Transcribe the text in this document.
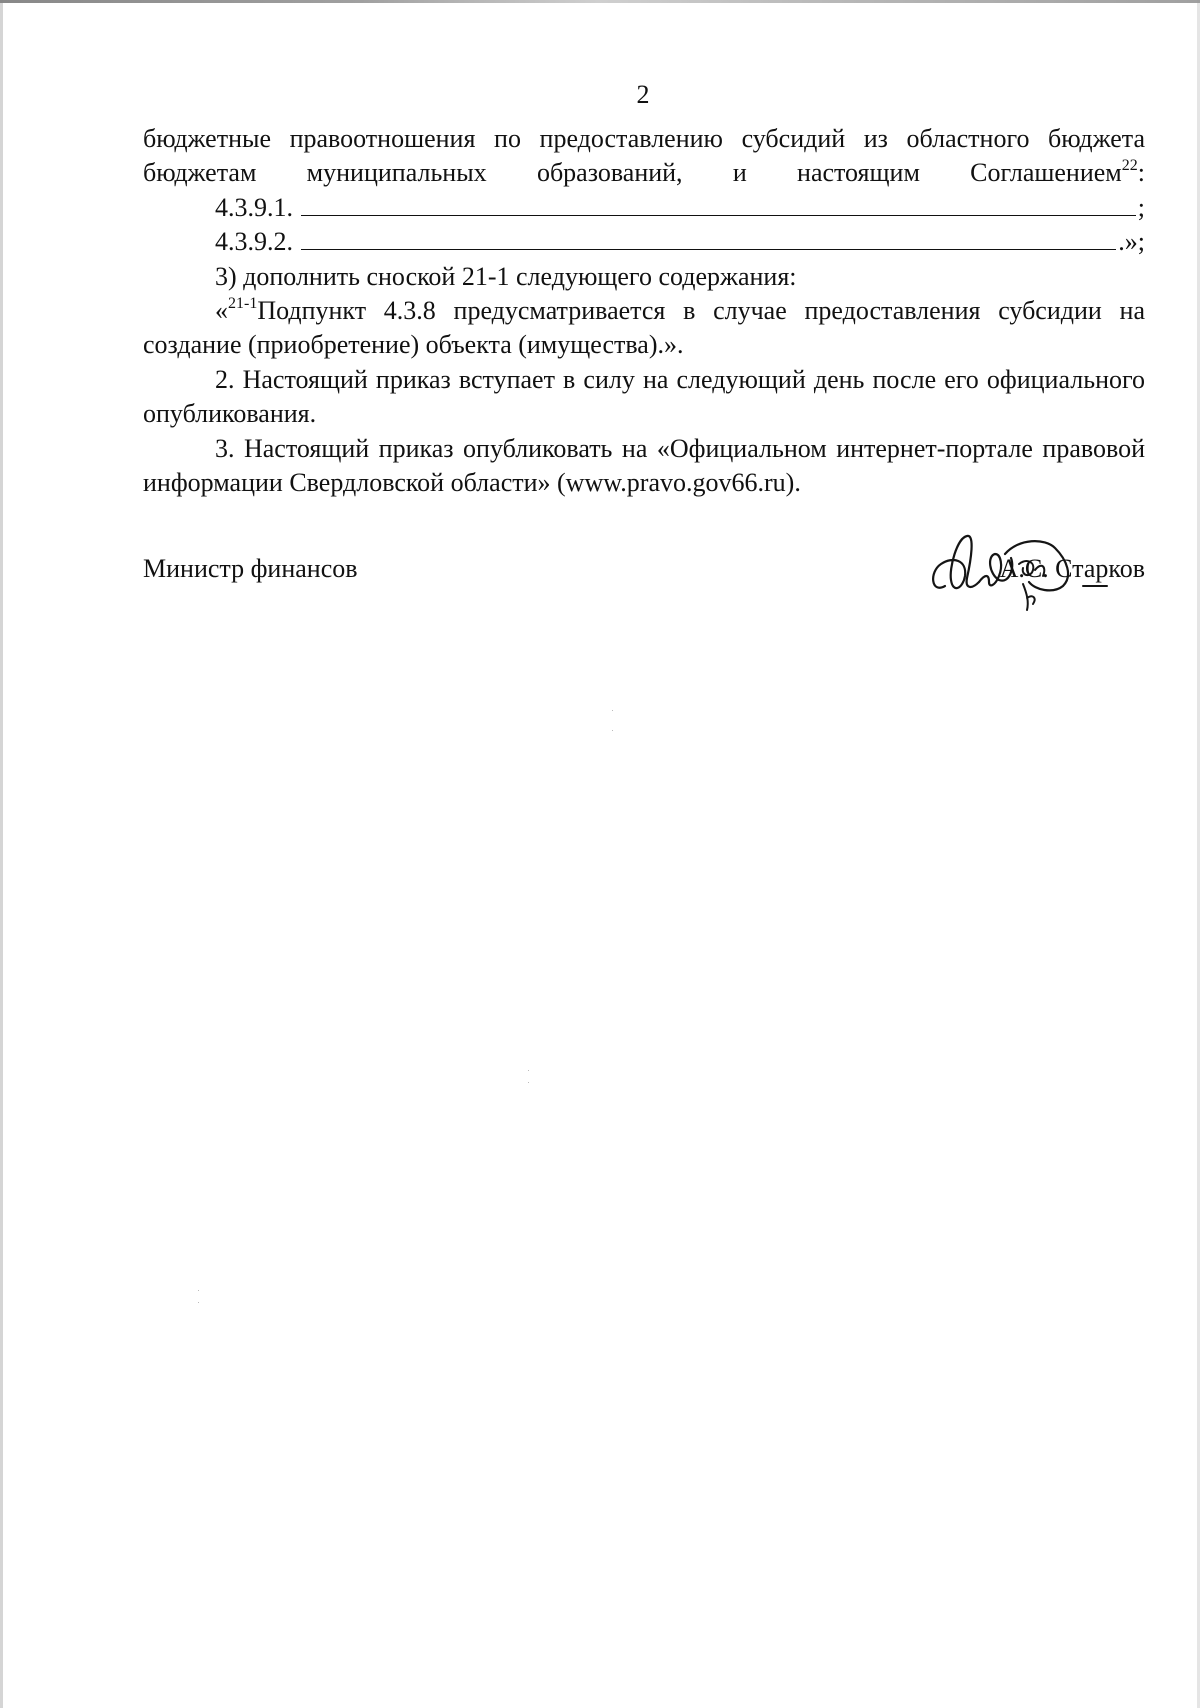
2

бюджетные правоотношения по предоставлению субсидий из областного бюджета бюджетам муниципальных образований, и настоящим Соглашением$^{22}$:

4.3.9.1.	;
4.3.9.2.	.»;

3) дополнить сноской 21-1 следующего содержания:

«$^{21-1}$Подпункт 4.3.8 предусматривается в случае предоставления субсидии на создание (приобретение) объекта (имущества).».

2. Настоящий приказ вступает в силу на следующий день после его официального опубликования.

3. Настоящий приказ опубликовать на «Официальном интернет-портале правовой информации Свердловской области» (www.pravo.gov66.ru).

Министр финансов	А.С. Старков
